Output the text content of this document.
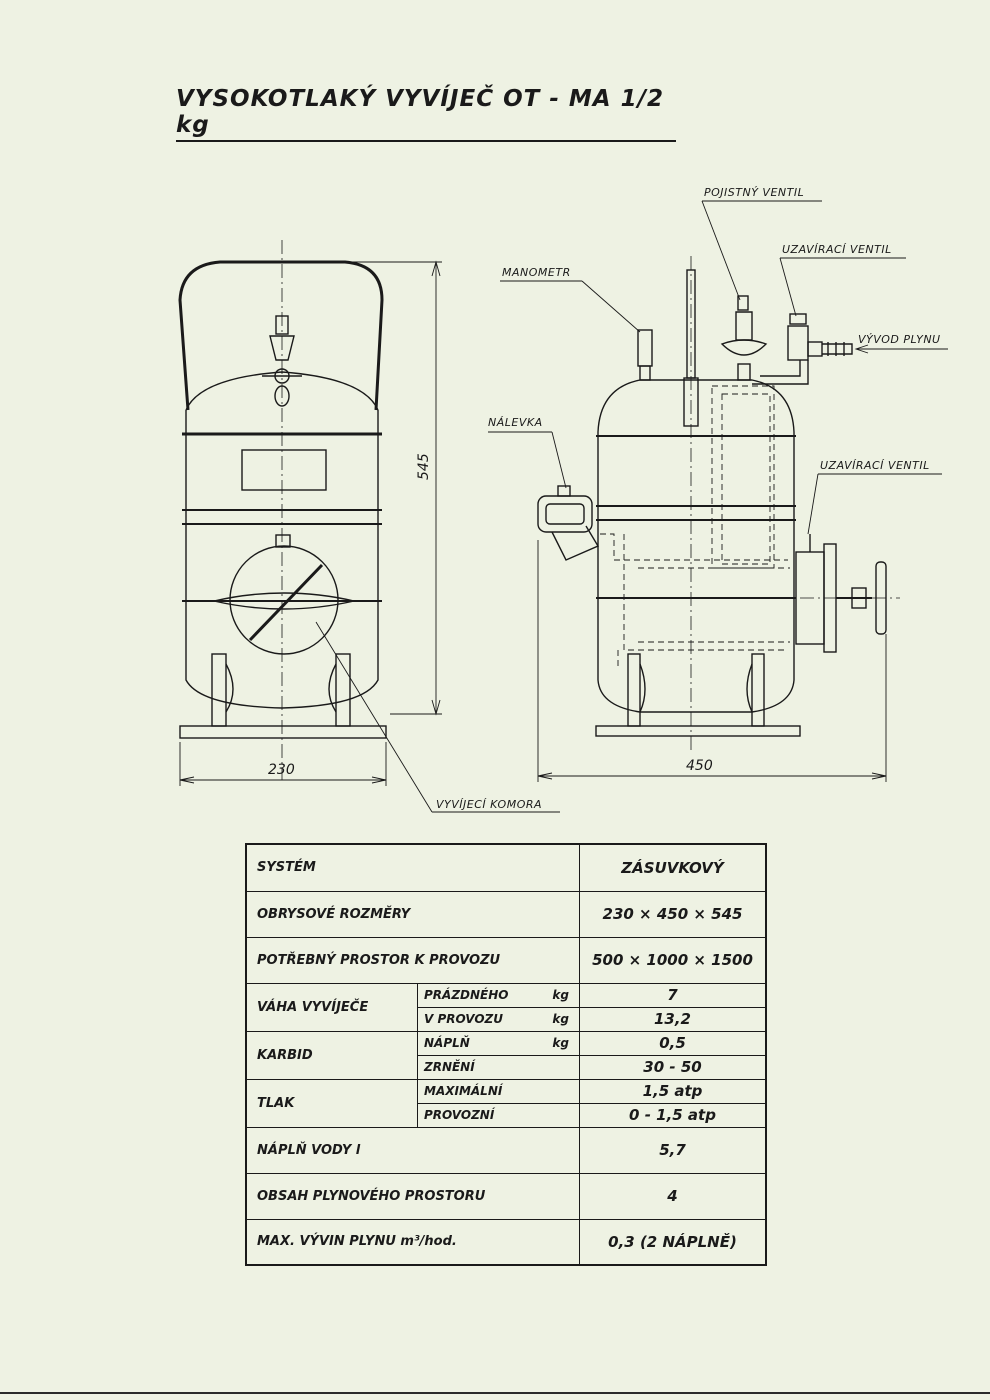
VYSOKOTLAKÝ VYVÍJEČ OT - MA 1/2 kg
POJISTNÝ VENTIL
UZAVÍRACÍ VENTIL
MANOMETR
VÝVOD PLYNU
NÁLEVKA
UZAVÍRACÍ VENTIL
VYVÍJECÍ KOMORA
545
230	450
SYSTÉM			ZÁSUVKOVÝ
OBRYSOVÉ ROZMĚRY			230 × 450 × 545
POTŘEBNÝ PROSTOR K PROVOZU			500 × 1000 × 1500
VÁHA VYVÍJEČE	PRÁZDNÉHO	kg	7
	V PROVOZU	kg	13,2
KARBID	NÁPLŇ	kg	0,5
	ZRNĚNÍ		30 - 50
TLAK	MAXIMÁLNÍ		1,5 atp
	PROVOZNÍ		0 - 1,5 atp
NÁPLŇ VODY l			5,7
OBSAH PLYNOVÉHO PROSTORU			4
MAX. VÝVIN PLYNU m³/hod.			0,3 (2 NÁPLNĚ)
